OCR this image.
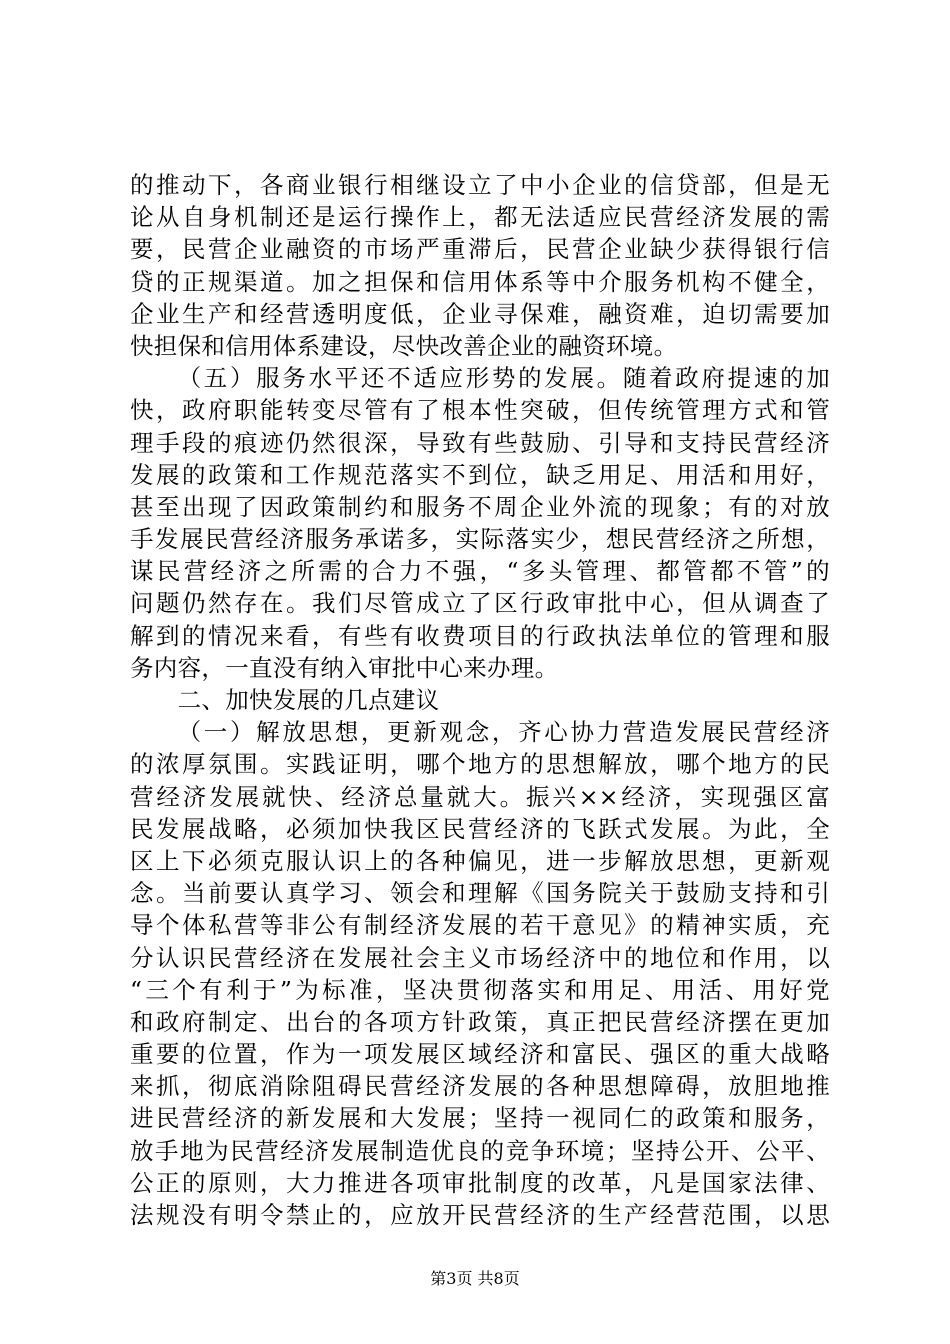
的推动下，各商业银行相继设立了中小企业的信贷部，但是无
论从自身机制还是运行操作上，都无法适应民营经济发展的需
要，民营企业融资的市场严重滞后，民营企业缺少获得银行信
贷的正规渠道。加之担保和信用体系等中介服务机构不健全，
企业生产和经营透明度低，企业寻保难，融资难，迫切需要加
快担保和信用体系建设，尽快改善企业的融资环境。
（五）服务水平还不适应形势的发展。随着政府提速的加
快，政府职能转变尽管有了根本性突破，但传统管理方式和管
理手段的痕迹仍然很深，导致有些鼓励、引导和支持民营经济
发展的政策和工作规范落实不到位，缺乏用足、用活和用好，
甚至出现了因政策制约和服务不周企业外流的现象；有的对放
手发展民营经济服务承诺多，实际落实少，想民营经济之所想，
谋民营经济之所需的合力不强，“多头管理、都管都不管”的
问题仍然存在。我们尽管成立了区行政审批中心，但从调查了
解到的情况来看，有些有收费项目的行政执法单位的管理和服
务内容，一直没有纳入审批中心来办理。
二、加快发展的几点建议
（一）解放思想，更新观念，齐心协力营造发展民营经济
的浓厚氛围。实践证明，哪个地方的思想解放，哪个地方的民
营经济发展就快、经济总量就大。振兴××经济，实现强区富
民发展战略，必须加快我区民营经济的飞跃式发展。为此，全
区上下必须克服认识上的各种偏见，进一步解放思想，更新观
念。当前要认真学习、领会和理解《国务院关于鼓励支持和引
导个体私营等非公有制经济发展的若干意见》的精神实质，充
分认识民营经济在发展社会主义市场经济中的地位和作用，以
“三个有利于”为标准，坚决贯彻落实和用足、用活、用好党
和政府制定、出台的各项方针政策，真正把民营经济摆在更加
重要的位置，作为一项发展区域经济和富民、强区的重大战略
来抓，彻底消除阻碍民营经济发展的各种思想障碍，放胆地推
进民营经济的新发展和大发展；坚持一视同仁的政策和服务，
放手地为民营经济发展制造优良的竞争环境；坚持公开、公平、
公正的原则，大力推进各项审批制度的改革，凡是国家法律、
法规没有明令禁止的，应放开民营经济的生产经营范围，以思
第3页 共8页
